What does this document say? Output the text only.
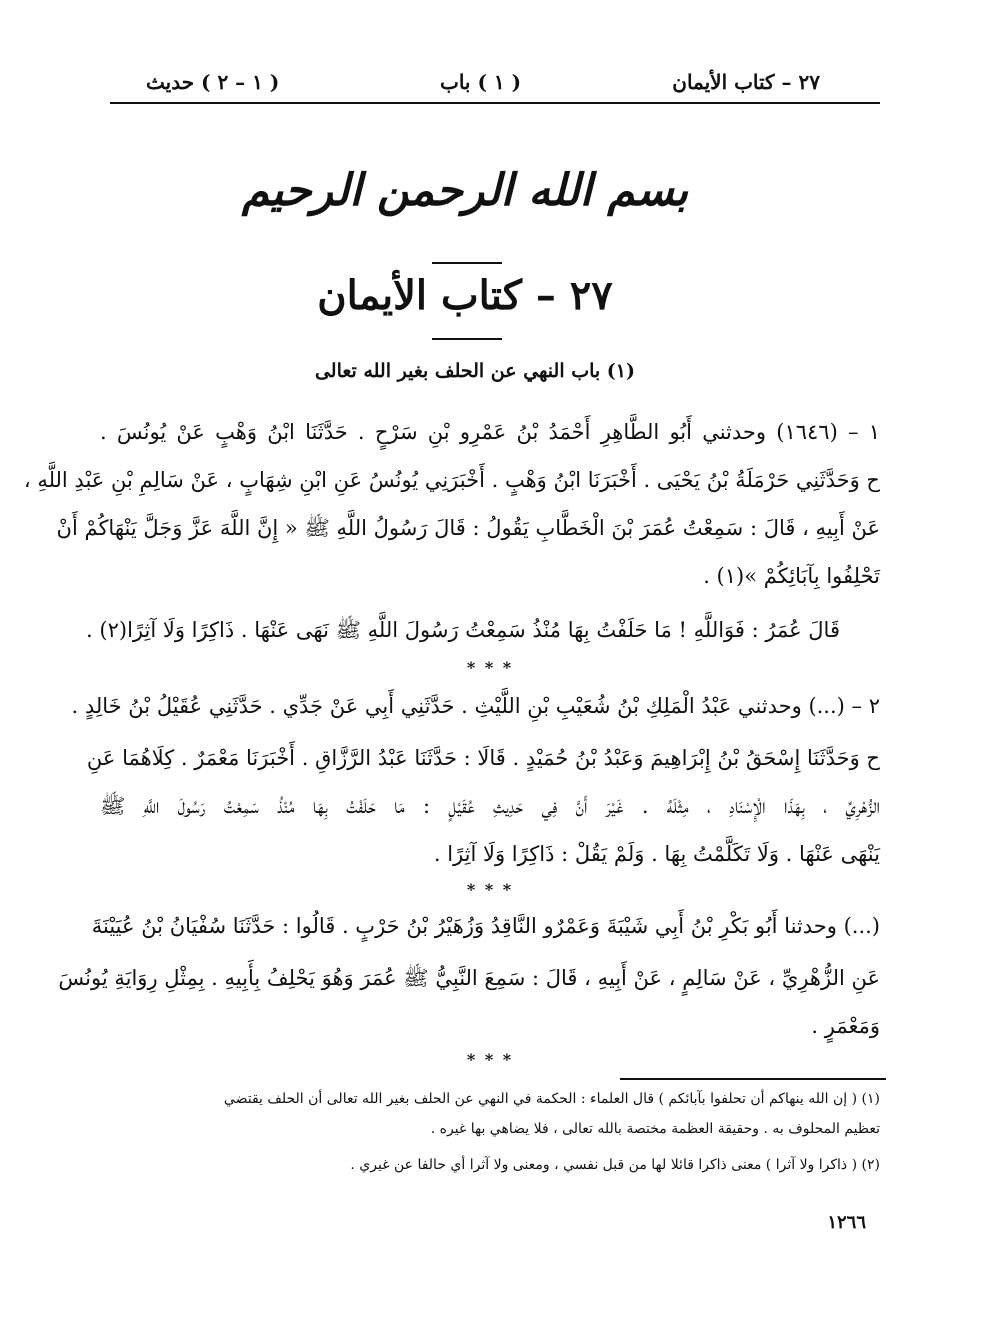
٢٧ – كتاب الأيمان
( ١ ) باب
( ١ – ٢ ) حديث
بسم الله الرحمن الرحيم
٢٧ – كتاب الأيمان
(١) باب النهي عن الحلف بغير الله تعالى
١ – (١٦٤٦) وحدثني أَبُو الطَّاهِرِ أَحْمَدُ بْنُ عَمْرِو بْنِ سَرْحٍ . حَدَّثَنَا ابْنُ وَهْبٍ عَنْ يُونُسَ .
ح وَحَدَّثَنِي حَرْمَلَةُ بْنُ يَحْيَى . أَخْبَرَنَا ابْنُ وَهْبٍ . أَخْبَرَنِي يُونُسُ عَنِ ابْنِ شِهَابٍ ، عَنْ سَالِمِ بْنِ عَبْدِ اللَّهِ ،
عَنْ أَبِيهِ ، قَالَ : سَمِعْتُ عُمَرَ بْنَ الْخَطَّابِ يَقُولُ : قَالَ رَسُولُ اللَّهِ ﷺ « إِنَّ اللَّهَ عَزَّ وَجَلَّ يَنْهَاكُمْ أَنْ
تَحْلِفُوا بِآبَائِكُمْ »(١) .
قَالَ عُمَرُ : فَوَاللَّهِ ! مَا حَلَفْتُ بِهَا مُنْذُ سَمِعْتُ رَسُولَ اللَّهِ ﷺ نَهَى عَنْهَا . ذَاكِرًا وَلَا آثِرًا(٢) .
* * *
٢ – (...) وحدثني عَبْدُ الْمَلِكِ بْنُ شُعَيْبِ بْنِ اللَّيْثِ . حَدَّثَنِي أَبِي عَنْ جَدِّي . حَدَّثَنِي عُقَيْلُ بْنُ خَالِدٍ .
ح وَحَدَّثَنَا إِسْحَقُ بْنُ إِبْرَاهِيمَ وَعَبْدُ بْنُ حُمَيْدٍ . قَالَا : حَدَّثَنَا عَبْدُ الرَّزَّاقِ . أَخْبَرَنَا مَعْمَرٌ . كِلَاهُمَا عَنِ
الزُّهْرِيِّ ، بِهَذَا الْإِسْنَادِ ، مِثْلَهُ . غَيْرَ أَنَّ فِي حَدِيثِ عُقَيْلٍ : مَا حَلَفْتُ بِهَا مُنْذُ سَمِعْتُ رَسُولَ اللَّهِ ﷺ
يَنْهَى عَنْهَا . وَلَا تَكَلَّمْتُ بِهَا . وَلَمْ يَقُلْ : ذَاكِرًا وَلَا آثِرًا .
* * *
(...) وحدثنا أَبُو بَكْرِ بْنُ أَبِي شَيْبَةَ وَعَمْرٌو النَّاقِدُ وَزُهَيْرُ بْنُ حَرْبٍ . قَالُوا : حَدَّثَنَا سُفْيَانُ بْنُ عُيَيْنَةَ
عَنِ الزُّهْرِيِّ ، عَنْ سَالِمٍ ، عَنْ أَبِيهِ ، قَالَ : سَمِعَ النَّبِيُّ ﷺ عُمَرَ وَهُوَ يَحْلِفُ بِأَبِيهِ . بِمِثْلِ رِوَايَةِ يُونُسَ
وَمَعْمَرٍ .
* * *
(١) ( إن الله ينهاكم أن تحلفوا بآبائكم ) قال العلماء : الحكمة في النهي عن الحلف بغير الله تعالى أن الحلف يقتضي
تعظيم المحلوف به . وحقيقة العظمة مختصة بالله تعالى ، فلا يضاهي بها غيره .
(٢) ( ذاكرا ولا آثرا ) معنى ذاكرا قائلا لها من قبل نفسي ، ومعنى ولا آثرا أي حالفا عن غيري .
١٢٦٦
